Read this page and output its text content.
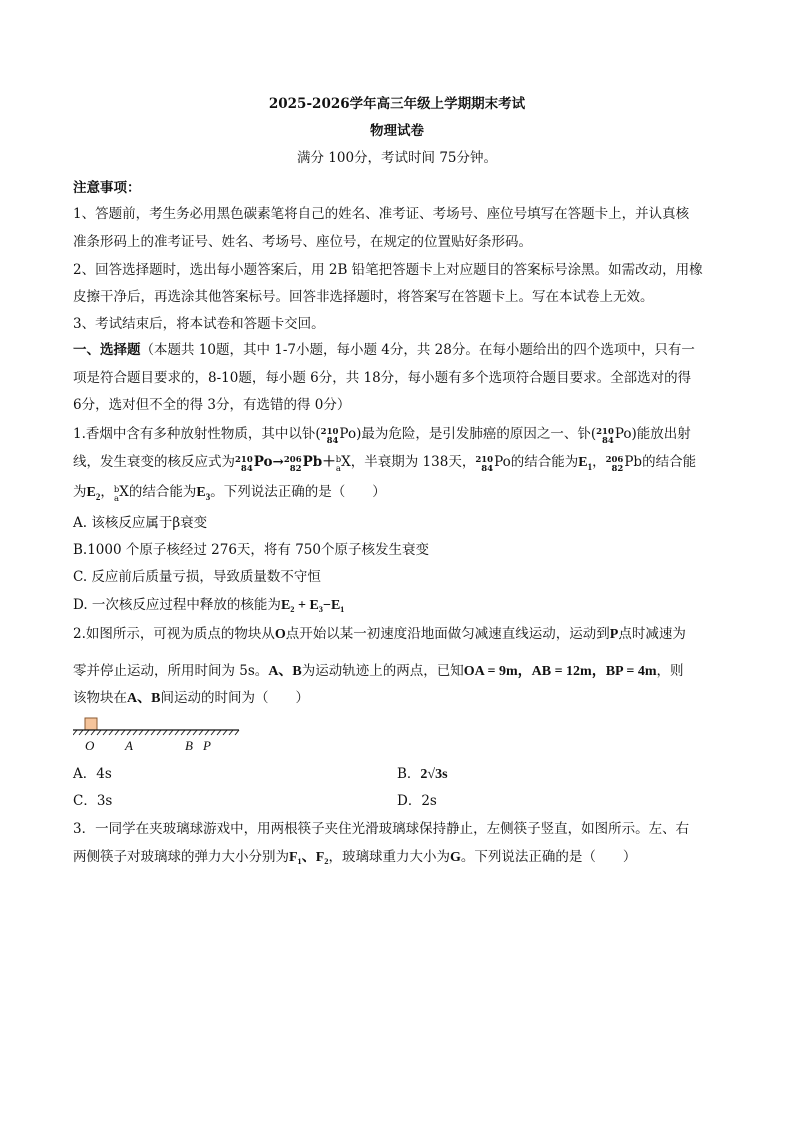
2025-2026学年高三年级上学期期末考试
物理试卷
满分 100分，考试时间 75分钟。
注意事项：
1、答题前，考生务必用黑色碳素笔将自己的姓名、准考证、考场号、座位号填写在答题卡上，并认真核
准条形码上的准考证号、姓名、考场号、座位号，在规定的位置贴好条形码。
2、回答选择题时，选出每小题答案后，用 2B 铅笔把答题卡上对应题目的答案标号涂黑。如需改动，用橡
皮擦干净后，再选涂其他答案标号。回答非选择题时，将答案写在答题卡上。写在本试卷上无效。
3、考试结束后，将本试卷和答题卡交回。
一、选择题（本题共 10题，其中 1-7小题，每小题 4分，共 28分。在每小题给出的四个选项中，只有一
项是符合题目要求的，8-10题，每小题 6分，共 18分，每小题有多个选项符合题目要求。全部选对的得
6分，选对但不全的得 3分，有选错的得 0分）
1.香烟中含有多种放射性物质，其中以钋( 210
84 Po)最为危险，是引发肺癌的原因之一、钋( 210
84 Po)能放出射
线，发生衰变的核反应式为 210
84 Po→ 206
82 Pb＋ b
a X，半衰期为 138天， 210
84 Po的结合能为$E_1$， 206
82 Pb的结合能
为$E_2$， b
a X的结合能为$E_3$。下列说法正确的是（　　）
A. 该核反应属于β衰变
B.1000 个原子核经过 276天，将有 750个原子核发生衰变
C. 反应前后质量亏损，导致质量数不守恒
D. 一次核反应过程中释放的核能为E₂ + E₃−E₁
2.如图所示，可视为质点的物块从O点开始以某一初速度沿地面做匀减速直线运动，运动到P点时减速为
零并停止运动，所用时间为 5s。A、B为运动轨迹上的两点，已知OA = 9m，AB = 12m，BP = 4m，则
该物块在A、B间运动的时间为（　　）
O A	B P
A．4s	B．2√3s
C．3s	D．2s
3．一同学在夹玻璃球游戏中，用两根筷子夹住光滑玻璃球保持静止，左侧筷子竖直，如图所示。左、右
两侧筷子对玻璃球的弹力大小分别为F₁、F₂，玻璃球重力大小为G。下列说法正确的是（　　）
